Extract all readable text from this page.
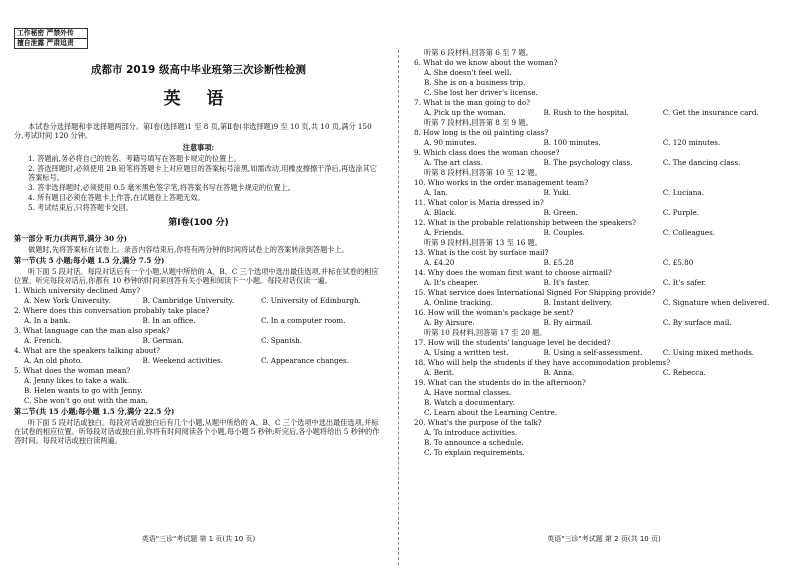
工作秘密 严禁外传
擅自泄露 严肃追责
成都市 2019 级高中毕业班第三次诊断性检测
英 语

本试卷分选择题和非选择题两部分。第Ⅰ卷(选择题)1 至 8 页,第Ⅱ卷(非选择题)9 至 10 页,共 10 页,满分 150 分,考试时间 120 分钟。

注意事项:

1. 答题前,务必将自己的姓名、考籍号填写在答题卡规定的位置上。

2. 答选择题时,必须使用 2B 铅笔将答题卡上对应题目的答案标号涂黑,如需改动,用橡皮擦擦干净后,再选涂其它答案标号。

3. 答非选择题时,必须使用 0.5 毫米黑色签字笔,将答案书写在答题卡规定的位置上。

4. 所有题目必须在答题卡上作答,在试题卷上答题无效。

5. 考试结束后,只将答题卡交回。

第Ⅰ卷(100 分)
第一部分 听力(共两节,满分 30 分)

做题时,先将答案标在试卷上。录音内容结束后,你将有两分钟的时间将试卷上的答案转涂到答题卡上。

第一节(共 5 小题;每小题 1.5 分,满分 7.5 分)

听下面 5 段对话。每段对话后有一个小题,从题中所给的 A、B、C 三个选项中选出最佳选项,并标在试卷的相应位置。听完每段对话后,你都有 10 秒钟的时间来回答有关小题和阅读下一小题。每段对话仅读一遍。

1. Which university declined Amy?
A. New York University.	B. Cambridge University.	C. University of Edinburgh.
2. Where does this conversation probably take place?
A. In a bank.	B. In an office.	C. In a computer room.
3. What language can the man also speak?
A. French.	B. German.	C. Spanish.
4. What are the speakers talking about?
A. An old photo.	B. Weekend activities.	C. Appearance changes.
5. What does the woman mean?
A. Jenny likes to take a walk.
B. Helen wants to go with Jenny.
C. She won't go out with the man.
第二节(共 15 小题;每小题 1.5 分,满分 22.5 分)

听下面 5 段对话或独白。每段对话或独白后有几个小题,从题中所给的 A、B、C 三个选项中选出最佳选项,并标在试卷的相应位置。听每段对话或独白前,你将有时间阅读各个小题,每小题 5 秒钟;听完后,各小题将给出 5 秒钟的作答时间。每段对话或独白读两遍。

英语"三诊"考试题 第 1 页(共 10 页)
听第 6 段材料,回答第 6 至 7 题。
6. What do we know about the woman?
A. She doesn't feel well.
B. She is on a business trip.
C. She lost her driver's license.
7. What is the man going to do?
A. Pick up the woman.	B. Rush to the hospital.	C. Get the insurance card.
听第 7 段材料,回答第 8 至 9 题。
8. How long is the oil painting class?
A. 90 minutes.	B. 100 minutes.	C. 120 minutes.
9. Which class does the woman choose?
A. The art class.	B. The psychology class.	C. The dancing class.
听第 8 段材料,回答第 10 至 12 题。
10. Who works in the order management team?
A. Ian.	B. Yuki.	C. Luciana.
11. What color is Maria dressed in?
A. Black.	B. Green.	C. Purple.
12. What is the probable relationship between the speakers?
A. Friends.	B. Couples.	C. Colleagues.
听第 9 段材料,回答第 13 至 16 题。
13. What is the cost by surface mail?
A. £4.20	B. £5.28	C. £5.80
14. Why does the woman first want to choose airmail?
A. It's cheaper.	B. It's faster.	C. It's safer.
15. What service does International Signed For Shipping provide?
A. Online tracking.	B. Instant delivery.	C. Signature when delivered.
16. How will the woman's package be sent?
A. By Airsure.	B. By airmail.	C. By surface mail.
听第 10 段材料,回答第 17 至 20 题。
17. How will the students' language level be decided?
A. Using a written test.	B. Using a self-assessment.	C. Using mixed methods.
18. Who will help the students if they have accommodation problems?
A. Berit.	B. Anna.	C. Rebecca.
19. What can the students do in the afternoon?
A. Have normal classes.
B. Watch a documentary.
C. Learn about the Learning Centre.
20. What's the purpose of the talk?
A. To introduce activities.
B. To announce a schedule.
C. To explain requirements.
英语"三诊"考试题 第 2 页(共 10 页)
